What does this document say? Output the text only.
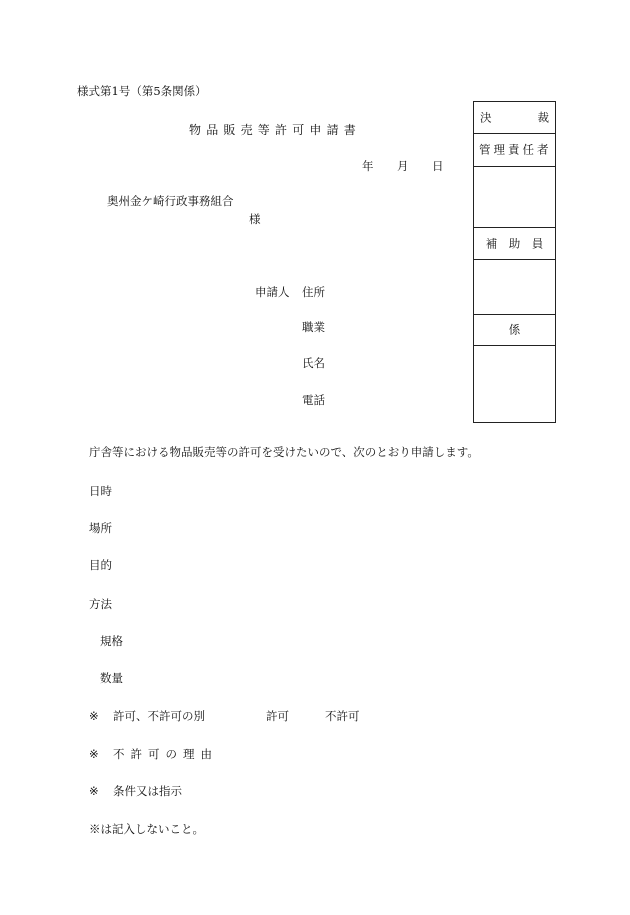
様式第1号（第5条関係）
物品販売等許可申請書
年 月 日
奥州金ケ崎行政事務組合
様
申請人 住所
職業
氏名
電話
決	裁
管理責任者
補　助　員
係
庁舎等における物品販売等の許可を受けたいので、次のとおり申請します。
日時
場所
目的
方法
規格
数量
※ 許可、不許可の別	許可	不許可
※ 不許可の理由
※ 条件又は指示
※は記入しないこと。
